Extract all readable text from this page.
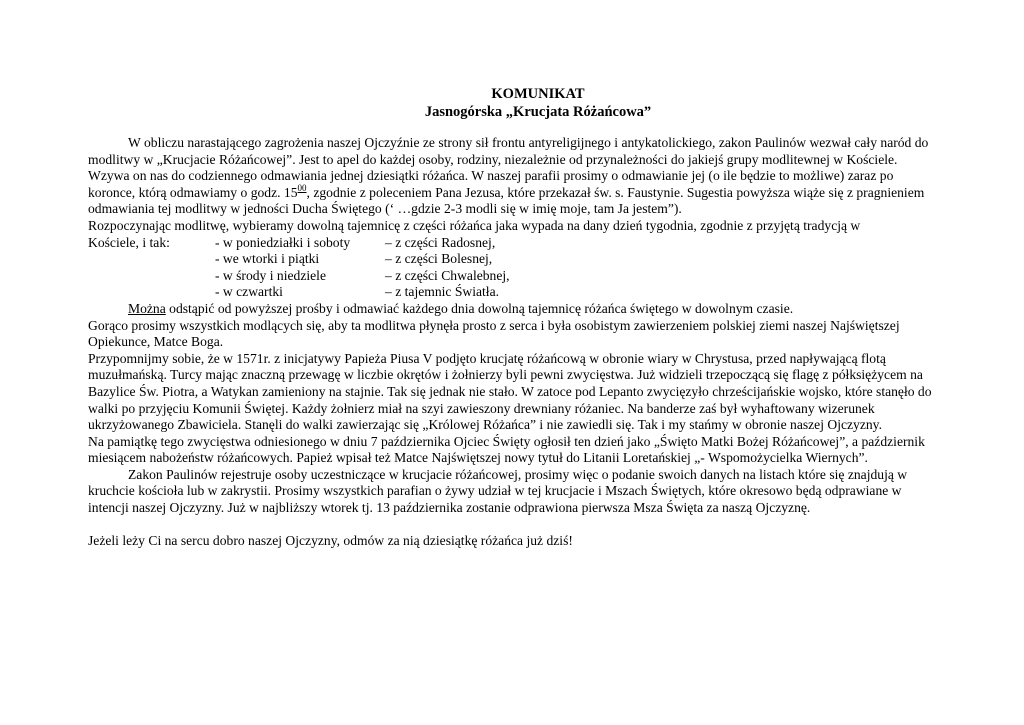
KOMUNIKAT
Jasnogórska „Krucjata Różańcowa”

W obliczu narastającego zagrożenia naszej Ojczyźnie ze strony sił frontu antyreligijnego i antykatolickiego, zakon Paulinów wezwał cały naród do modlitwy w „Krucjacie Różańcowej”. Jest to apel do każdej osoby, rodziny, niezależnie od przynależności do jakiejś grupy modlitewnej w Kościele. Wzywa on nas do codziennego odmawiania jednej dziesiątki różańca. W naszej parafii prosimy o odmawianie jej (o ile będzie to możliwe) zaraz po koronce, którą odmawiamy o godz. $15^{00}$, zgodnie z poleceniem Pana Jezusa, które przekazał św. s. Faustynie. Sugestia powyższa wiąże się z pragnieniem odmawiania tej modlitwy w jedności Ducha Świętego (‘ …gdzie 2-3 modli się w imię moje, tam Ja jestem”).

Rozpoczynając modlitwę, wybieramy dowolną tajemnicę z części różańca jaka wypada na dany dzień tygodnia, zgodnie z przyjętą tradycją w

Kościele, i tak:	- w poniedziałki i soboty	– z części Radosnej,
- we wtorki i piątki	– z części Bolesnej,
- w środy i niedziele	– z części Chwalebnej,
- w czwartki	– z tajemnic Światła.

Można odstąpić od powyższej prośby i odmawiać każdego dnia dowolną tajemnicę różańca świętego w dowolnym czasie.

Gorąco prosimy wszystkich modlących się, aby ta modlitwa płynęła prosto z serca i była osobistym zawierzeniem polskiej ziemi naszej Najświętszej Opiekunce, Matce Boga.

Przypomnijmy sobie, że w 1571r. z inicjatywy Papieża Piusa V podjęto krucjatę różańcową w obronie wiary w Chrystusa, przed napływającą flotą muzułmańską. Turcy mając znaczną przewagę w liczbie okrętów i żołnierzy byli pewni zwycięstwa. Już widzieli trzepoczącą się flagę z półksiężycem na Bazylice Św. Piotra, a Watykan zamieniony na stajnie. Tak się jednak nie stało. W zatoce pod Lepanto zwycięzyło chrześcijańskie wojsko, które stanęło do walki po przyjęciu Komunii Świętej. Każdy żołnierz miał na szyi zawieszony drewniany różaniec. Na banderze zaś był wyhaftowany wizerunek ukrzyżowanego Zbawiciela. Stanęli do walki zawierzając się „Królowej Różańca” i nie zawiedli się. Tak i my stańmy w obronie naszej Ojczyzny.

Na pamiątkę tego zwycięstwa odniesionego w dniu 7 października Ojciec Święty ogłosił ten dzień jako „Święto Matki Bożej Różańcowej”, a październik miesiącem nabożeństw różańcowych. Papież wpisał też Matce Najświętszej nowy tytuł do Litanii Loretańskiej „- Wspomożycielka Wiernych”.

Zakon Paulinów rejestruje osoby uczestniczące w krucjacie różańcowej, prosimy więc o podanie swoich danych na listach które się znajdują w kruchcie kościoła lub w zakrystii. Prosimy wszystkich parafian o żywy udział w tej krucjacie i Mszach Świętych, które okresowo będą odprawiane w intencji naszej Ojczyzny. Już w najbliższy wtorek tj. 13 października zostanie odprawiona pierwsza Msza Święta za naszą Ojczyznę.

Jeżeli leży Ci na sercu dobro naszej Ojczyzny, odmów za nią dziesiątkę różańca już dziś!
